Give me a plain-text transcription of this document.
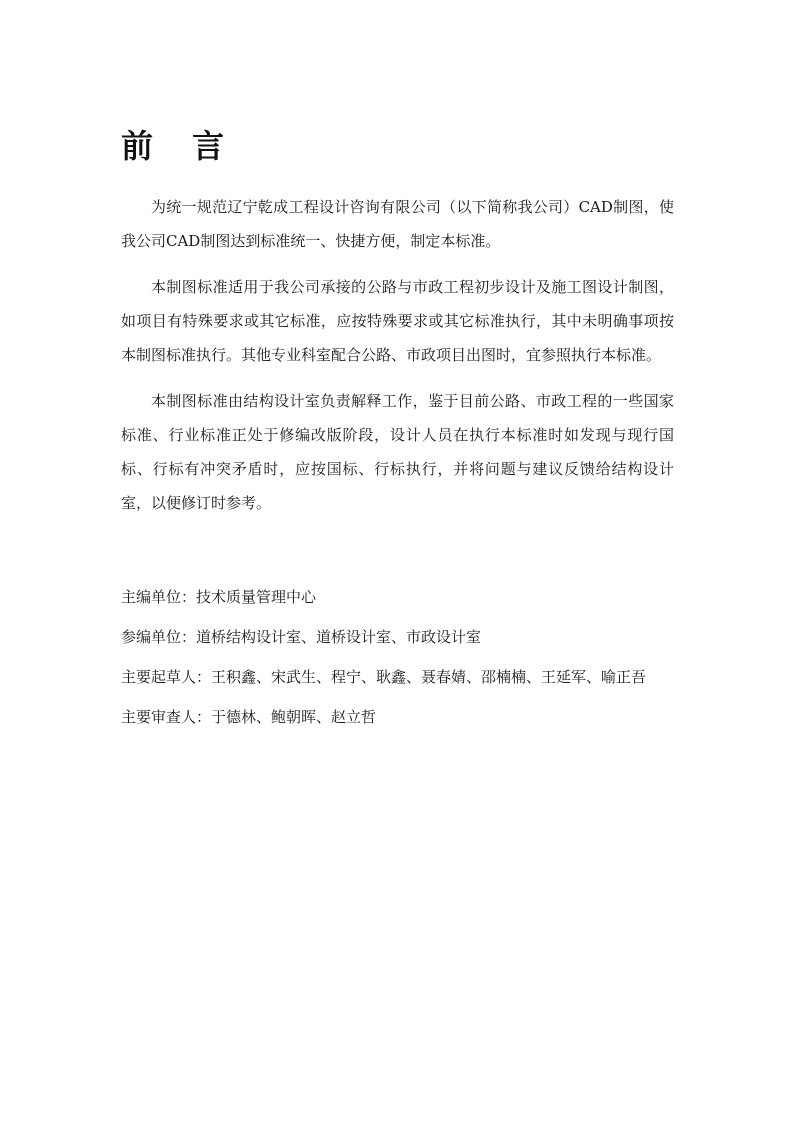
前 言

为统一规范辽宁乾成工程设计咨询有限公司（以下简称我公司）CAD制图，使我公司CAD制图达到标准统一、快捷方便，制定本标准。

本制图标准适用于我公司承接的公路与市政工程初步设计及施工图设计制图，如项目有特殊要求或其它标准，应按特殊要求或其它标准执行，其中未明确事项按本制图标准执行。其他专业科室配合公路、市政项目出图时，宜参照执行本标准。

本制图标准由结构设计室负责解释工作，鉴于目前公路、市政工程的一些国家标准、行业标准正处于修编改版阶段，设计人员在执行本标准时如发现与现行国标、行标有冲突矛盾时，应按国标、行标执行，并将问题与建议反馈给结构设计室，以便修订时参考。

主编单位：技术质量管理中心
参编单位：道桥结构设计室、道桥设计室、市政设计室
主要起草人：王积鑫、宋武生、程宁、耿鑫、聂春婧、邵楠楠、王延军、喻正吾
主要审查人：于德林、鲍朝晖、赵立哲
